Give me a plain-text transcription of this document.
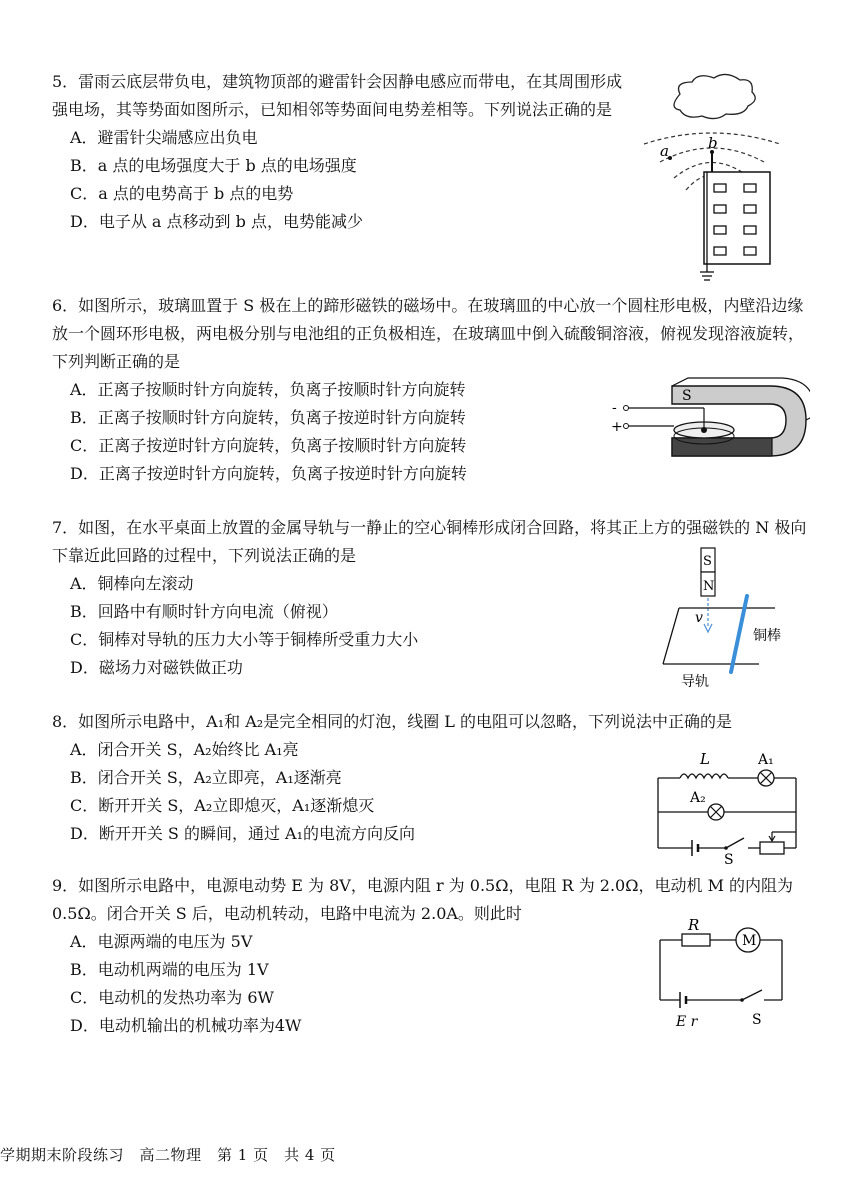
5．雷雨云底层带负电，建筑物顶部的避雷针会因静电感应而带电，在其周围形成强电场，其等势面如图所示，已知相邻等势面间电势差相等。下列说法正确的是

A．避雷针尖端感应出负电

B．a 点的电场强度大于 b 点的电场强度

C．a 点的电势高于 b 点的电势

D．电子从 a 点移动到 b 点，电势能减少

a	b

6．如图所示，玻璃皿置于 S 极在上的蹄形磁铁的磁场中。在玻璃皿的中心放一个圆柱形电极，内壁沿边缘放一个圆环形电极，两电极分别与电池组的正负极相连，在玻璃皿中倒入硫酸铜溶液，俯视发现溶液旋转，下列判断正确的是

A．正离子按顺时针方向旋转，负离子按顺时针方向旋转

B．正离子按顺时针方向旋转，负离子按逆时针方向旋转

C．正离子按逆时针方向旋转，负离子按顺时针方向旋转

D．正离子按逆时针方向旋转，负离子按逆时针方向旋转

S
-
+

7．如图，在水平桌面上放置的金属导轨与一静止的空心铜棒形成闭合回路，将其正上方的强磁铁的 N 极向下靠近此回路的过程中，下列说法正确的是

A．铜棒向左滚动

B．回路中有顺时针方向电流（俯视）

C．铜棒对导轨的压力大小等于铜棒所受重力大小

D．磁场力对磁铁做正功

S
N
v
铜棒
导轨

8．如图所示电路中，A₁和 A₂是完全相同的灯泡，线圈 L 的电阻可以忽略，下列说法中正确的是

A．闭合开关 S，A₂始终比 A₁亮

B．闭合开关 S，A₂立即亮，A₁逐渐亮

C．断开开关 S，A₂立即熄灭，A₁逐渐熄灭

D．断开开关 S 的瞬间，通过 A₁的电流方向反向

L	A₁
A₂
S

9．如图所示电路中，电源电动势 E 为 8V，电源内阻 r 为 0.5Ω，电阻 R 为 2.0Ω，电动机 M 的内阻为 0.5Ω。闭合开关 S 后，电动机转动，电路中电流为 2.0A。则此时

A．电源两端的电压为 5V

B．电动机两端的电压为 1V

C．电动机的发热功率为 6W

D．电动机输出的机械功率为4W

R
M
E r	S
学期期末阶段练习　高二物理　第 1 页　共 4 页
